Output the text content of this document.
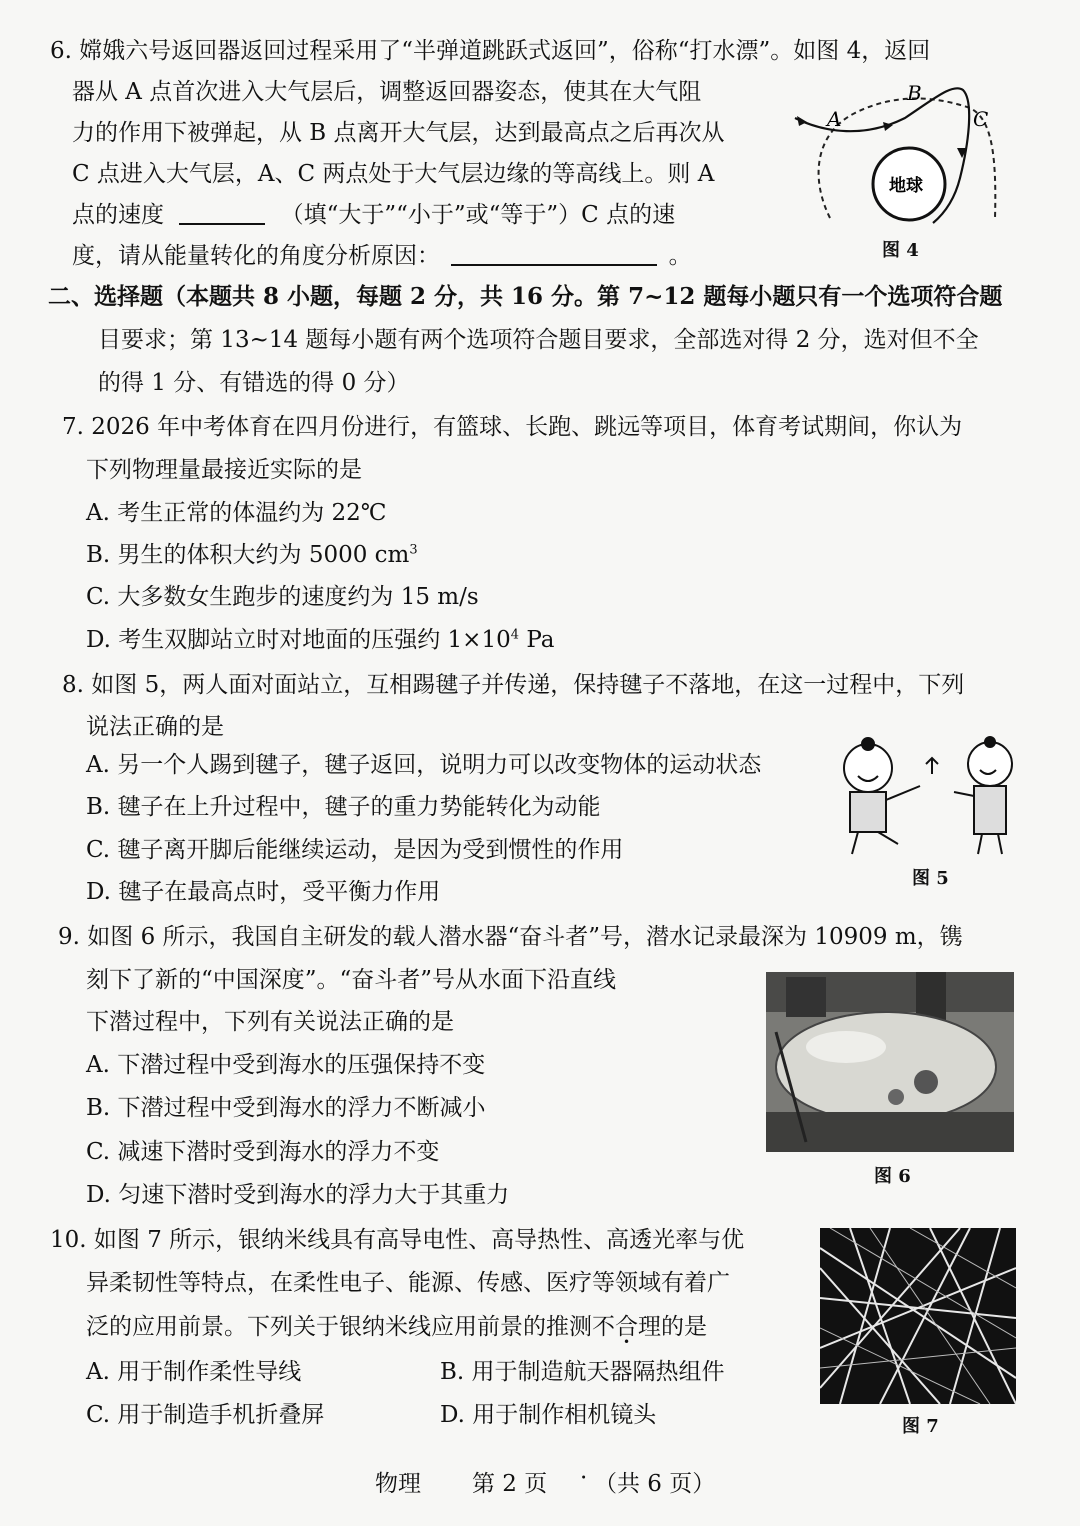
6. 嫦娥六号返回器返回过程采用了“半弹道跳跃式返回”，俗称“打水漂”。如图 4，返回
器从 A 点首次进入大气层后，调整返回器姿态，使其在大气阻
力的作用下被弹起，从 B 点离开大气层，达到最高点之后再次从
C 点进入大气层，A、C 两点处于大气层边缘的等高线上。则 A
点的速度	（填“大于”“小于”或“等于”）C 点的速
度，请从能量转化的角度分析原因：	。
A
B
C
地球
图 4
二、选择题（本题共 8 小题，每题 2 分，共 16 分。第 7~12 题每小题只有一个选项符合题
目要求；第 13~14 题每小题有两个选项符合题目要求，全部选对得 2 分，选对但不全
的得 1 分、有错选的得 0 分）
7. 2026 年中考体育在四月份进行，有篮球、长跑、跳远等项目，体育考试期间，你认为
下列物理量最接近实际的是
A. 考生正常的体温约为 22℃
B. 男生的体积大约为 5000 $cm^3$
C. 大多数女生跑步的速度约为 15 m/s
D. 考生双脚站立时对地面的压强约 $1\times 10^4$ Pa
8. 如图 5，两人面对面站立，互相踢毽子并传递，保持毽子不落地，在这一过程中，下列
说法正确的是
A. 另一个人踢到毽子，毽子返回，说明力可以改变物体的运动状态
B. 毽子在上升过程中，毽子的重力势能转化为动能
C. 毽子离开脚后能继续运动，是因为受到惯性的作用
D. 毽子在最高点时，受平衡力作用
图 5
9. 如图 6 所示，我国自主研发的载人潜水器“奋斗者”号，潜水记录最深为 10909 m，镌
刻下了新的“中国深度”。“奋斗者”号从水面下沿直线
下潜过程中，下列有关说法正确的是
A. 下潜过程中受到海水的压强保持不变
B. 下潜过程中受到海水的浮力不断减小
C. 减速下潜时受到海水的浮力不变
D. 匀速下潜时受到海水的浮力大于其重力
图 6
10. 如图 7 所示，银纳米线具有高导电性、高导热性、高透光率与优
异柔韧性等特点，在柔性电子、能源、传感、医疗等领域有着广
泛的应用前景。下列关于银纳米线应用前景的推测不合理的是
A. 用于制作柔性导线	B. 用于制造航天器隔热组件
C. 用于制造手机折叠屏	D. 用于制作相机镜头	图 7
物理 第 2 页 · （共 6 页）
